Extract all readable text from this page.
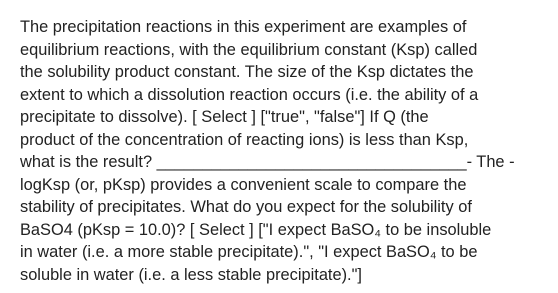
The precipitation reactions in this experiment are examples of
equilibrium reactions, with the equilibrium constant (Ksp) called
the solubility product constant. The size of the Ksp dictates the
extent to which a dissolution reaction occurs (i.e. the ability of a
precipitate to dissolve). [ Select ] ["true", "false"] If Q (the
product of the concentration of reacting ions) is less than Ksp,
what is the result? __________________________________- The -
logKsp (or, pKsp) provides a convenient scale to compare the
stability of precipitates. What do you expect for the solubility of
BaSO4 (pKsp = 10.0)? [ Select ] ["I expect BaSO₄ to be insoluble
in water (i.e. a more stable precipitate).", "I expect BaSO₄ to be
soluble in water (i.e. a less stable precipitate)."]
